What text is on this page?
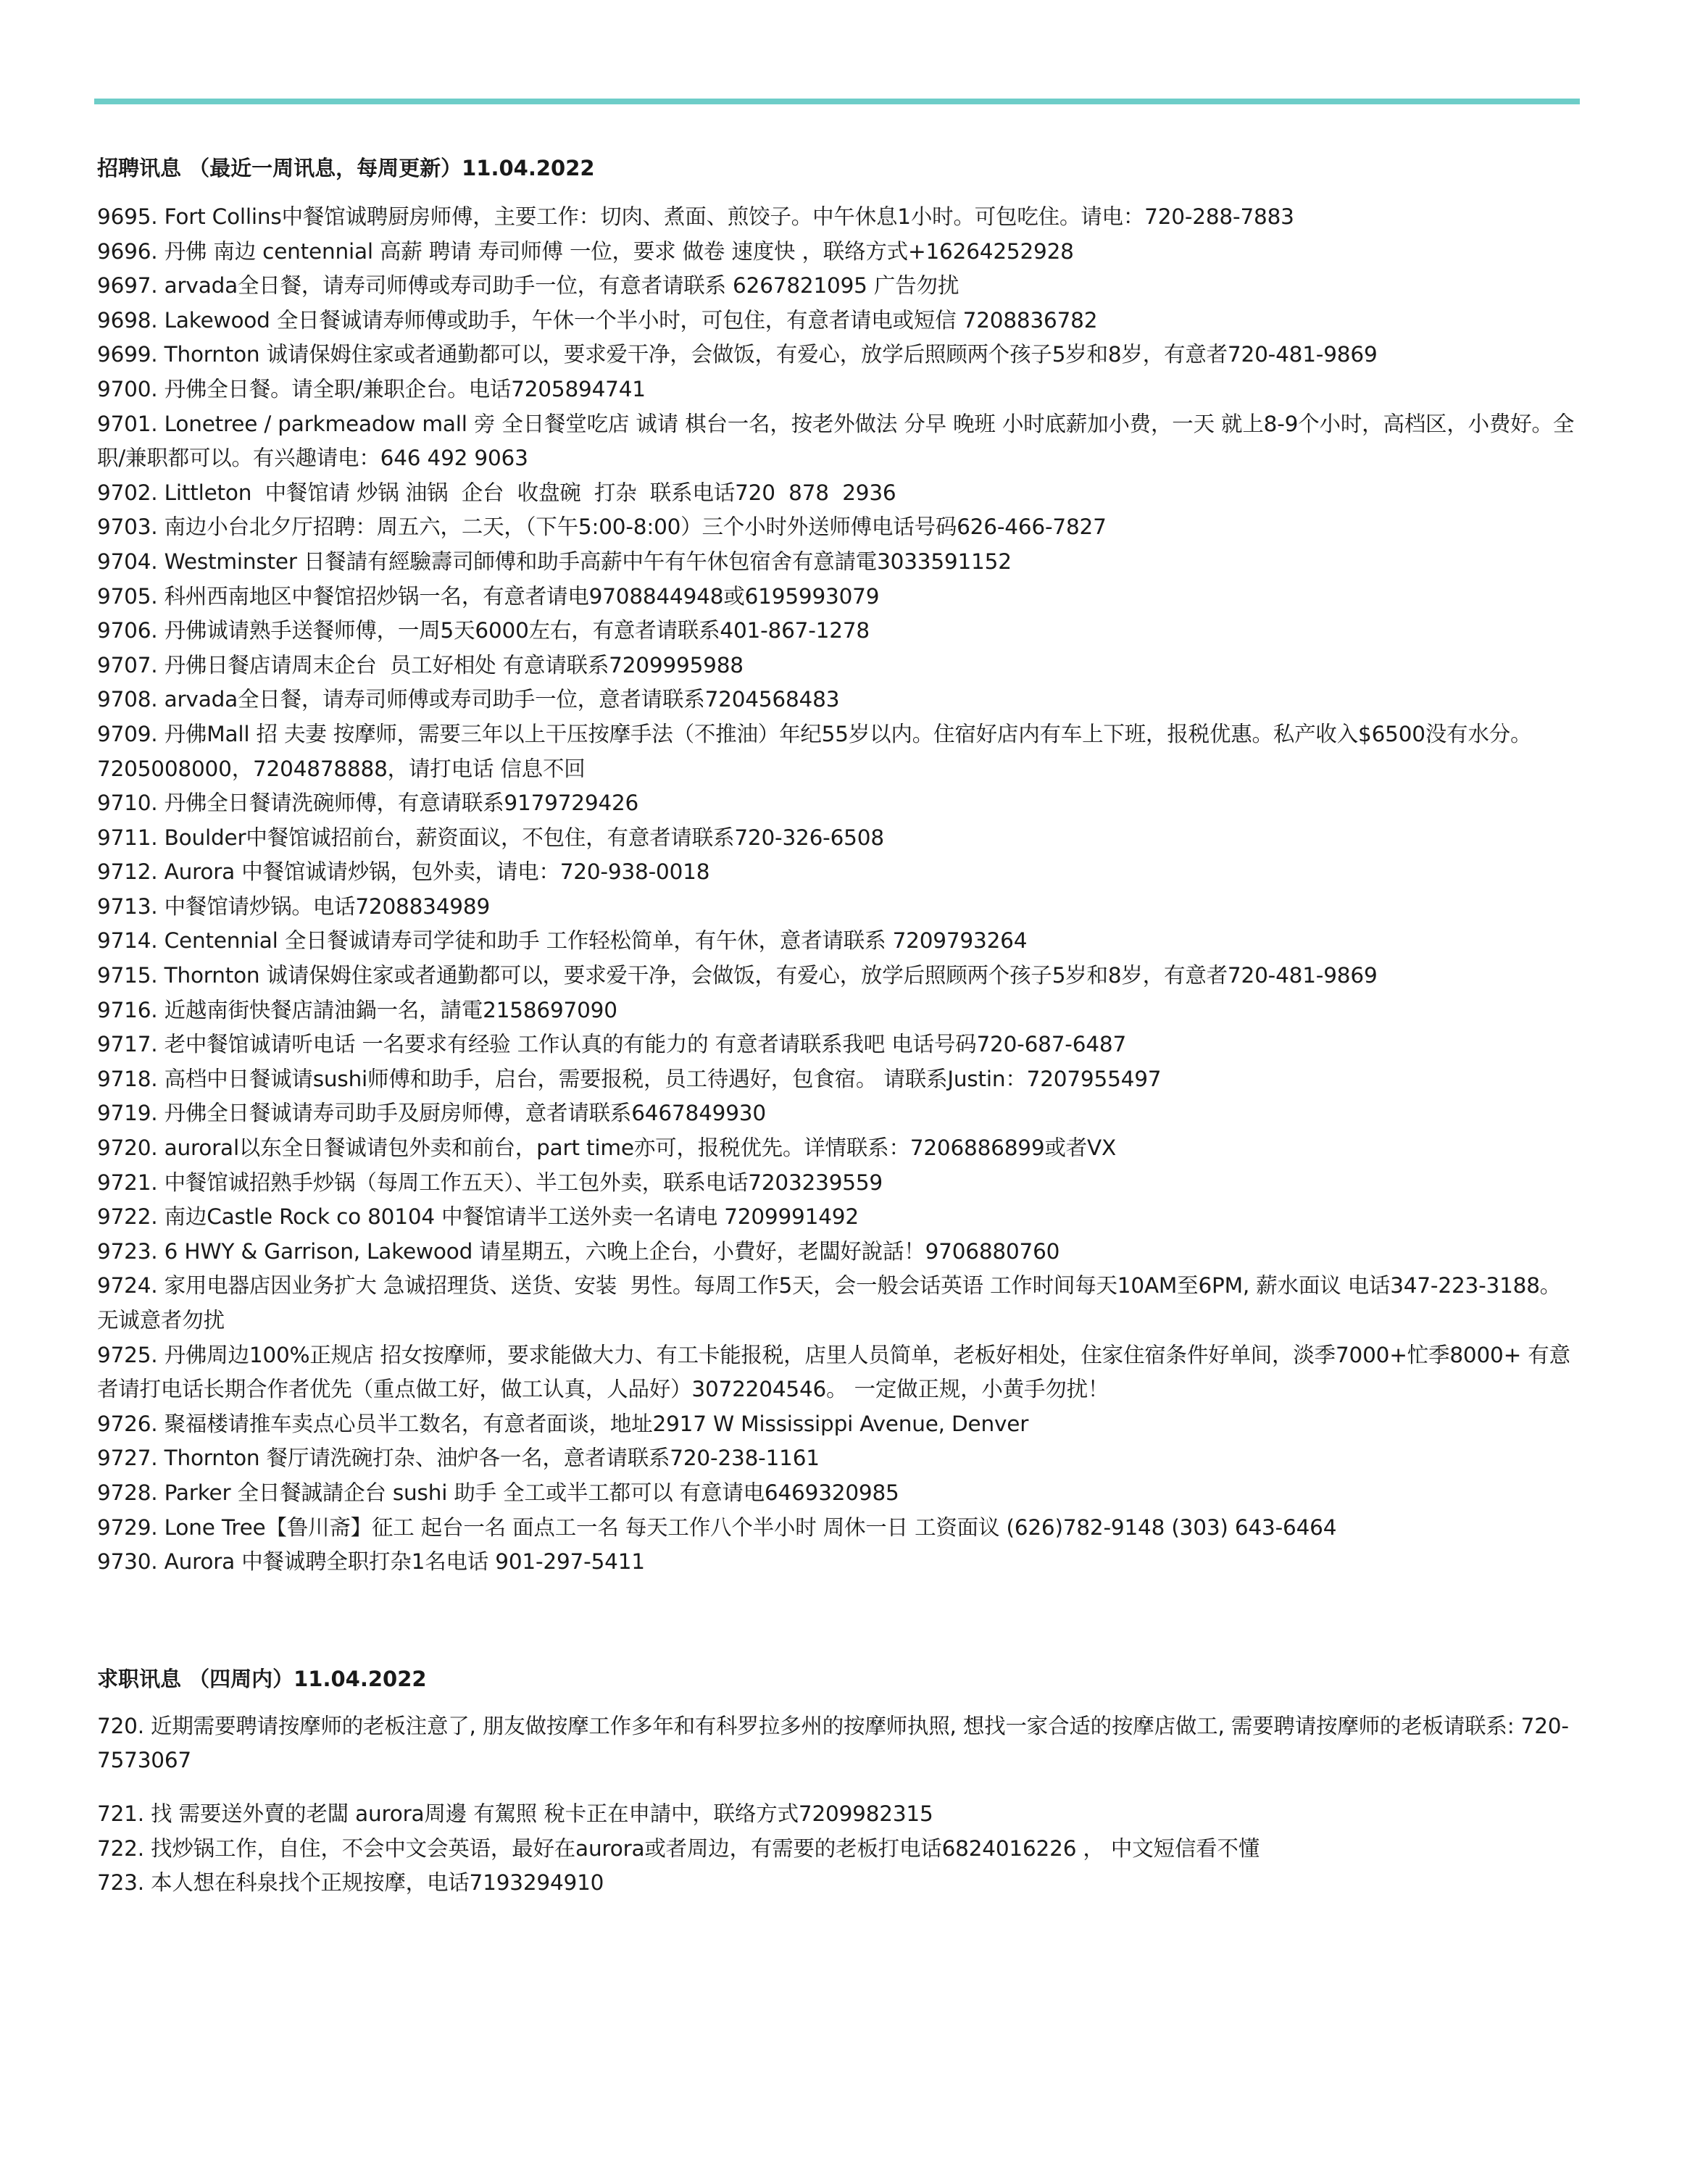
招聘讯息 （最近一周讯息，每周更新）11.04.2022
9695. Fort Collins中餐馆诚聘厨房师傅，主要工作：切肉、煮面、煎饺子。中午休息1小时。可包吃住。请电：720-288-7883
9696. 丹佛 南边 centennial 高薪 聘请 寿司师傅 一位，要求 做卷 速度快 ，联络方式+16264252928
9697. arvada全日餐，请寿司师傅或寿司助手一位，有意者请联系 6267821095 广告勿扰
9698. Lakewood 全日餐诚请寿师傅或助手，午休一个半小时，可包住，有意者请电或短信 7208836782
9699. Thornton 诚请保姆住家或者通勤都可以，要求爱干净，会做饭，有爱心，放学后照顾两个孩子5岁和8岁，有意者720-481-9869
9700. 丹佛全日餐。请全职/兼职企台。电话7205894741
9701. Lonetree / parkmeadow mall 旁 全日餐堂吃店 诚请 棋台一名，按老外做法 分早 晚班 小时底薪加小费，一天 就上8-9个小时，高档区，小费好。全职/兼职都可以。有兴趣请电：646 492 9063
9702. Littleton  中餐馆请 炒锅 油锅  企台  收盘碗  打杂  联系电话720  878  2936
9703. 南边小台北夕厅招聘：周五六，二天，（下午5:00-8:00）三个小时外送师傅电话号码626-466-7827
9704. Westminster 日餐請有經驗壽司師傅和助手高薪中午有午休包宿舍有意請電3033591152
9705. 科州西南地区中餐馆招炒锅一名，有意者请电9708844948或6195993079
9706. 丹佛诚请熟手送餐师傅，一周5天6000左右，有意者请联系401-867-1278
9707. 丹佛日餐店请周末企台  员工好相处 有意请联系7209995988
9708. arvada全日餐，请寿司师傅或寿司助手一位，意者请联系7204568483
9709. 丹佛Mall 招 夫妻 按摩师，需要三年以上干压按摩手法（不推油）年纪55岁以内。住宿好店内有车上下班，报税优惠。私产收入$6500没有水分。7205008000，7204878888，请打电话 信息不回
9710. 丹佛全日餐请洗碗师傅，有意请联系9179729426
9711. Boulder中餐馆诚招前台，薪资面议，不包住，有意者请联系720-326-6508
9712. Aurora 中餐馆诚请炒锅，包外卖，请电：720-938-0018
9713. 中餐馆请炒锅。电话7208834989
9714. Centennial 全日餐诚请寿司学徒和助手 工作轻松简单，有午休，意者请联系 7209793264
9715. Thornton 诚请保姆住家或者通勤都可以，要求爱干净，会做饭，有爱心，放学后照顾两个孩子5岁和8岁，有意者720-481-9869
9716. 近越南街快餐店請油鍋一名，請電2158697090
9717. 老中餐馆诚请听电话 一名要求有经验 工作认真的有能力的 有意者请联系我吧 电话号码720-687-6487
9718. 高档中日餐诚请sushi师傅和助手，启台，需要报税，员工待遇好，包食宿。 请联系Justin：7207955497
9719. 丹佛全日餐诚请寿司助手及厨房师傅，意者请联系6467849930
9720. auroral以东全日餐诚请包外卖和前台，part time亦可，报税优先。详情联系：7206886899或者VX
9721. 中餐馆诚招熟手炒锅（每周工作五天）、半工包外卖，联系电话7203239559
9722. 南边Castle Rock co 80104 中餐馆请半工送外卖一名请电 7209991492
9723. 6 HWY & Garrison, Lakewood 请星期五，六晚上企台，小費好，老闆好說話！9706880760
9724. 家用电器店因业务扩大 急诚招理货、送货、安装  男性。每周工作5天，会一般会话英语 工作时间每天10AM至6PM, 薪水面议 电话347-223-3188。无诚意者勿扰
9725. 丹佛周边100%正规店 招女按摩师，要求能做大力、有工卡能报税，店里人员简单，老板好相处，住家住宿条件好单间，淡季7000+忙季8000+ 有意者请打电话长期合作者优先（重点做工好，做工认真，人品好）3072204546。 一定做正规，小黄手勿扰！
9726. 聚福楼请推车卖点心员半工数名，有意者面谈，地址2917 W Mississippi Avenue, Denver
9727. Thornton 餐厅请洗碗打杂、油炉各一名，意者请联系720-238-1161
9728. Parker 全日餐誠請企台 sushi 助手 全工或半工都可以 有意请电6469320985
9729. Lone Tree【鲁川斋】征工 起台一名 面点工一名 每天工作八个半小时 周休一日 工资面议 (626)782-9148 (303) 643-6464
9730. Aurora 中餐诚聘全职打杂1名电话 901-297-5411
求职讯息 （四周内）11.04.2022
720. 近期需要聘请按摩师的老板注意了, 朋友做按摩工作多年和有科罗拉多州的按摩师执照, 想找一家合适的按摩店做工, 需要聘请按摩师的老板请联系: 720-7573067
721. 找 需要送外賣的老闆 aurora周邊 有駕照 稅卡正在申請中，联络方式7209982315
722. 找炒锅工作，自住，不会中文会英语，最好在aurora或者周边，有需要的老板打电话6824016226 ， 中文短信看不懂
723. 本人想在科泉找个正规按摩，电话7193294910
